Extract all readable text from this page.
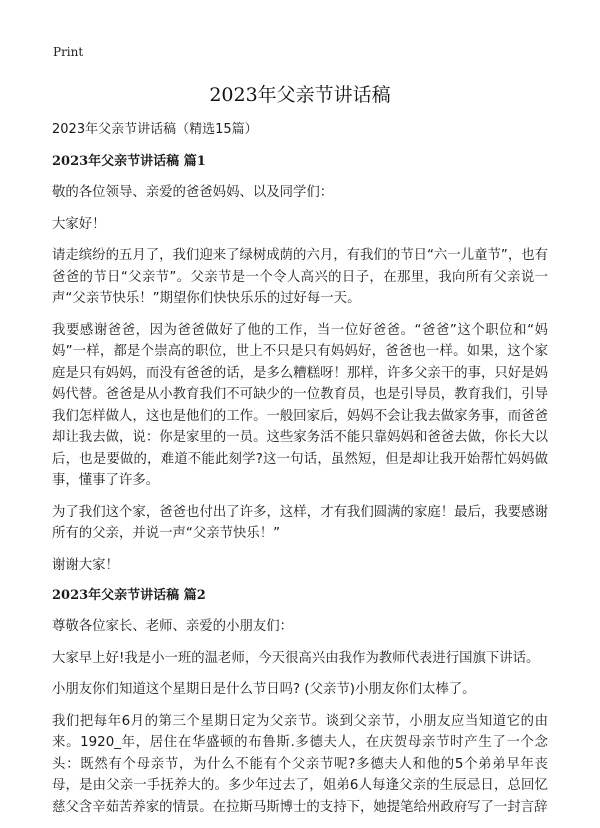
Print
2023年父亲节讲话稿

2023年父亲节讲话稿（精选15篇）

2023年父亲节讲话稿 篇1

敬的各位领导、亲爱的爸爸妈妈、以及同学们：

大家好！

请走缤纷的五月了，我们迎来了绿树成荫的六月，有我们的节日“六一儿童节”，也有爸爸的节日“父亲节”。父亲节是一个令人高兴的日子，在那里，我向所有父亲说一声“父亲节快乐！”期望你们快快乐乐的过好每一天。

我要感谢爸爸，因为爸爸做好了他的工作，当一位好爸爸。“爸爸”这个职位和“妈妈”一样，都是个崇高的职位，世上不只是只有妈妈好，爸爸也一样。如果，这个家庭是只有妈妈，而没有爸爸的话，是多么糟糕呀！那样，许多父亲干的事，只好是妈妈代替。爸爸是从小教育我们不可缺少的一位教育员，也是引导员，教育我们，引导我们怎样做人，这也是他们的工作。一般回家后，妈妈不会让我去做家务事，而爸爸却让我去做，说：你是家里的一员。这些家务活不能只靠妈妈和爸爸去做，你长大以后，也是要做的，难道不能此刻学?这一句话，虽然短，但是却让我开始帮忙妈妈做事，懂事了许多。

为了我们这个家，爸爸也付出了许多，这样，才有我们圆满的家庭！最后，我要感谢所有的父亲，并说一声“父亲节快乐！”

谢谢大家！

2023年父亲节讲话稿 篇2

尊敬各位家长、老师、亲爱的小朋友们：

大家早上好!我是小一班的温老师，今天很高兴由我作为教师代表进行国旗下讲话。

小朋友你们知道这个星期日是什么节日吗? (父亲节)小朋友你们太棒了。

我们把每年6月的第三个星期日定为父亲节。谈到父亲节，小朋友应当知道它的由来。1920_年，居住在华盛顿的布鲁斯.多德夫人，在庆贺母亲节时产生了一个念头：既然有个母亲节，为什么不能有个父亲节呢?多德夫人和他的5个弟弟早年丧母，是由父亲一手抚养大的。多少年过去了，姐弟6人每逢父亲的生辰忌日，总回忆慈父含辛茹苦养家的情景。在拉斯马斯博士的支持下，她提笔给州政府写了一封言辞
